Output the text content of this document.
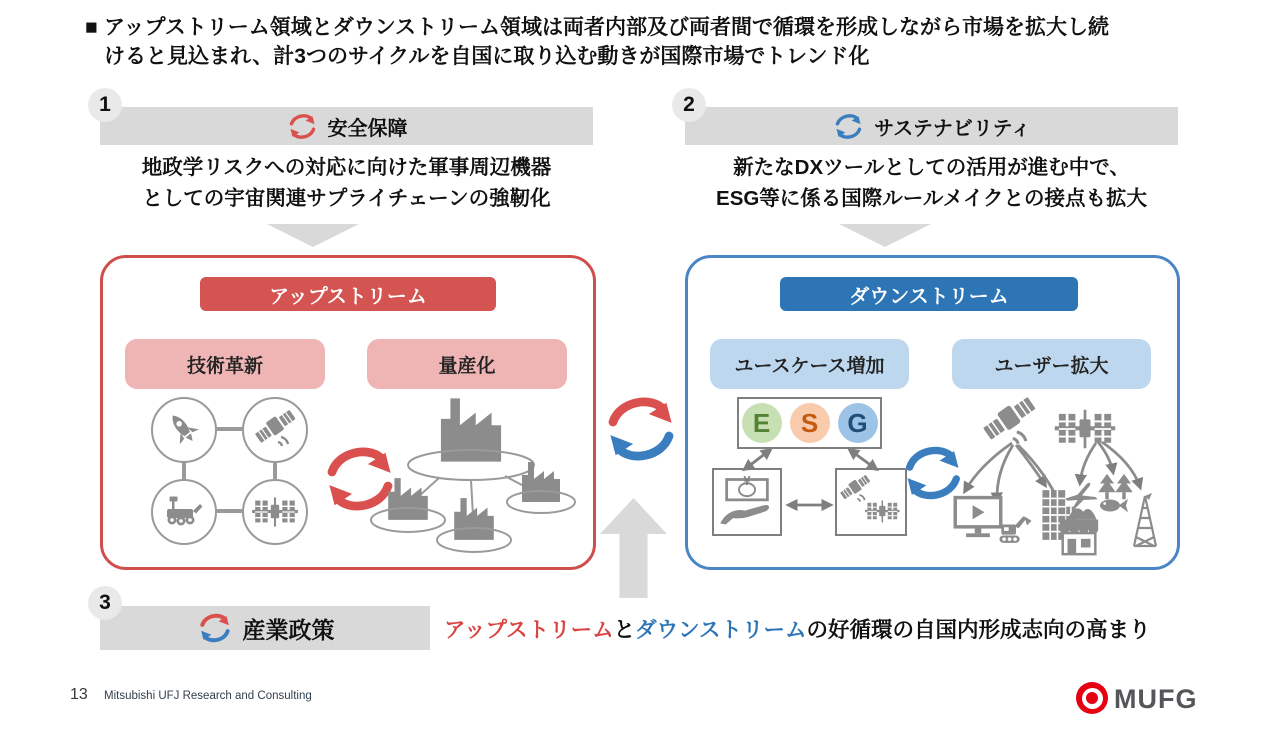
■ アップストリーム領域とダウンストリーム領域は両者内部及び両者間で循環を形成しながら市場を拡大し続
けると見込まれ、計3つのサイクルを自国に取り込む動きが国際市場でトレンド化
1
安全保障
地政学リスクへの対応に向けた軍事周辺機器
としての宇宙関連サプライチェーンの強靭化
2
サステナビリティ
新たなDXツールとしての活用が進む中で、
ESG等に係る国際ルールメイクとの接点も拡大
アップストリーム
技術革新	量産化
ダウンストリーム
ユースケース増加	ユーザー拡大
E	S	G
¥
3
産業政策	アップストリーム と ダウンストリーム の好循環の自国内形成志向の高まり
13 Mitsubishi UFJ Research and Consulting	MUFG
